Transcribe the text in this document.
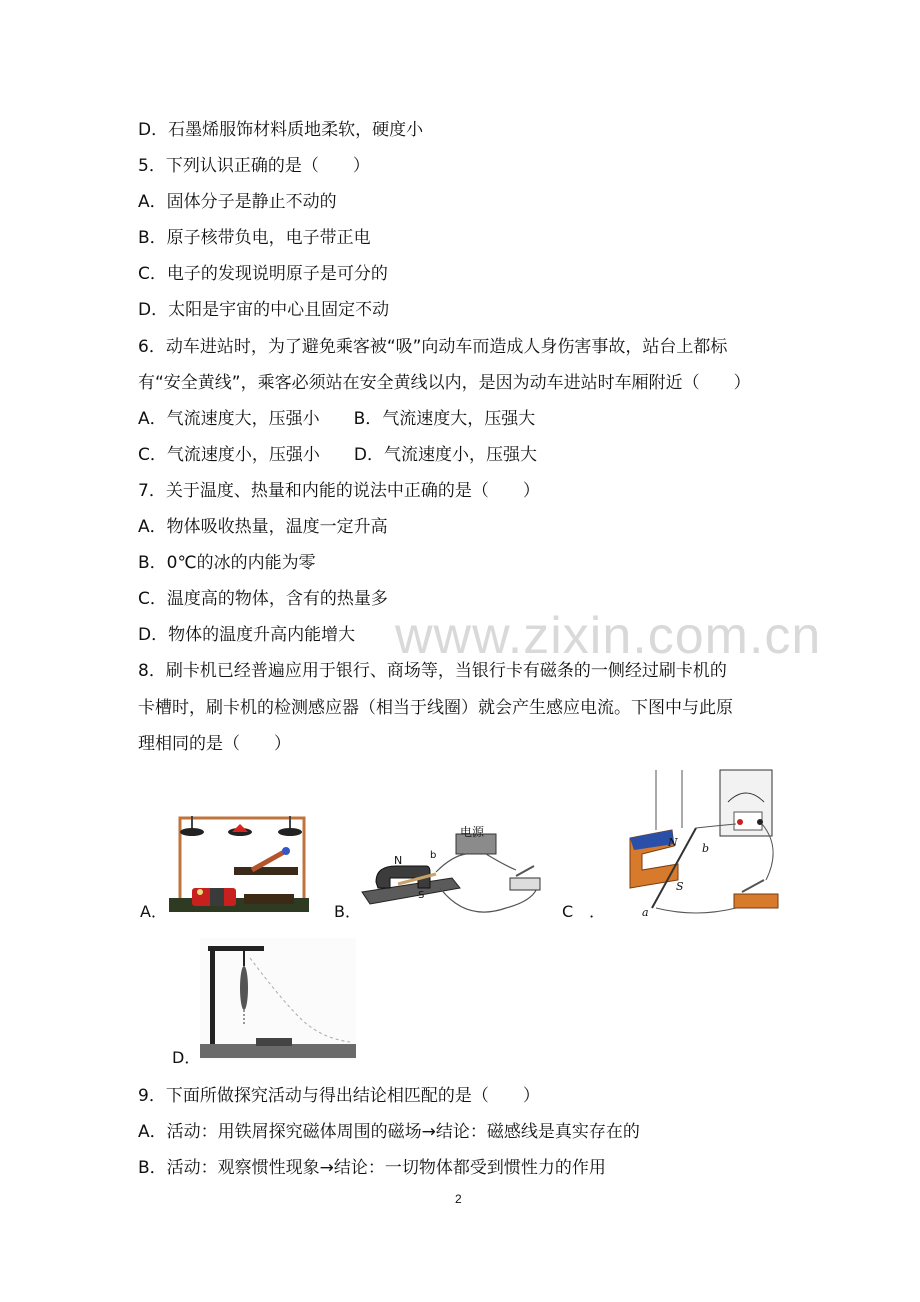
www.zixin.com.cn
D．石墨烯服饰材料质地柔软，硬度小
5．下列认识正确的是（　　）
A．固体分子是静止不动的
B．原子核带负电，电子带正电
C．电子的发现说明原子是可分的
D．太阳是宇宙的中心且固定不动
6．动车进站时，为了避免乘客被“吸”向动车而造成人身伤害事故，站台上都标
有“安全黄线”，乘客必须站在安全黄线以内，是因为动车进站时车厢附近（　　）
A．气流速度大，压强小　　B．气流速度大，压强大
C．气流速度小，压强小　　D．气流速度小，压强大
7．关于温度、热量和内能的说法中正确的是（　　）
A．物体吸收热量，温度一定升高
B．0℃的冰的内能为零
C．温度高的物体，含有的热量多
D．物体的温度升高内能增大
8．刷卡机已经普遍应用于银行、商场等，当银行卡有磁条的一侧经过刷卡机的
卡槽时，刷卡机的检测感应器（相当于线圈）就会产生感应电流。下图中与此原
理相同的是（　　）
A．	B．
电源
N
S
b
C　．
N
S
a
b
D．
9．下面所做探究活动与得出结论相匹配的是（　　）
A．活动：用铁屑探究磁体周围的磁场→结论：磁感线是真实存在的
B．活动：观察惯性现象→结论：一切物体都受到惯性力的作用
2
